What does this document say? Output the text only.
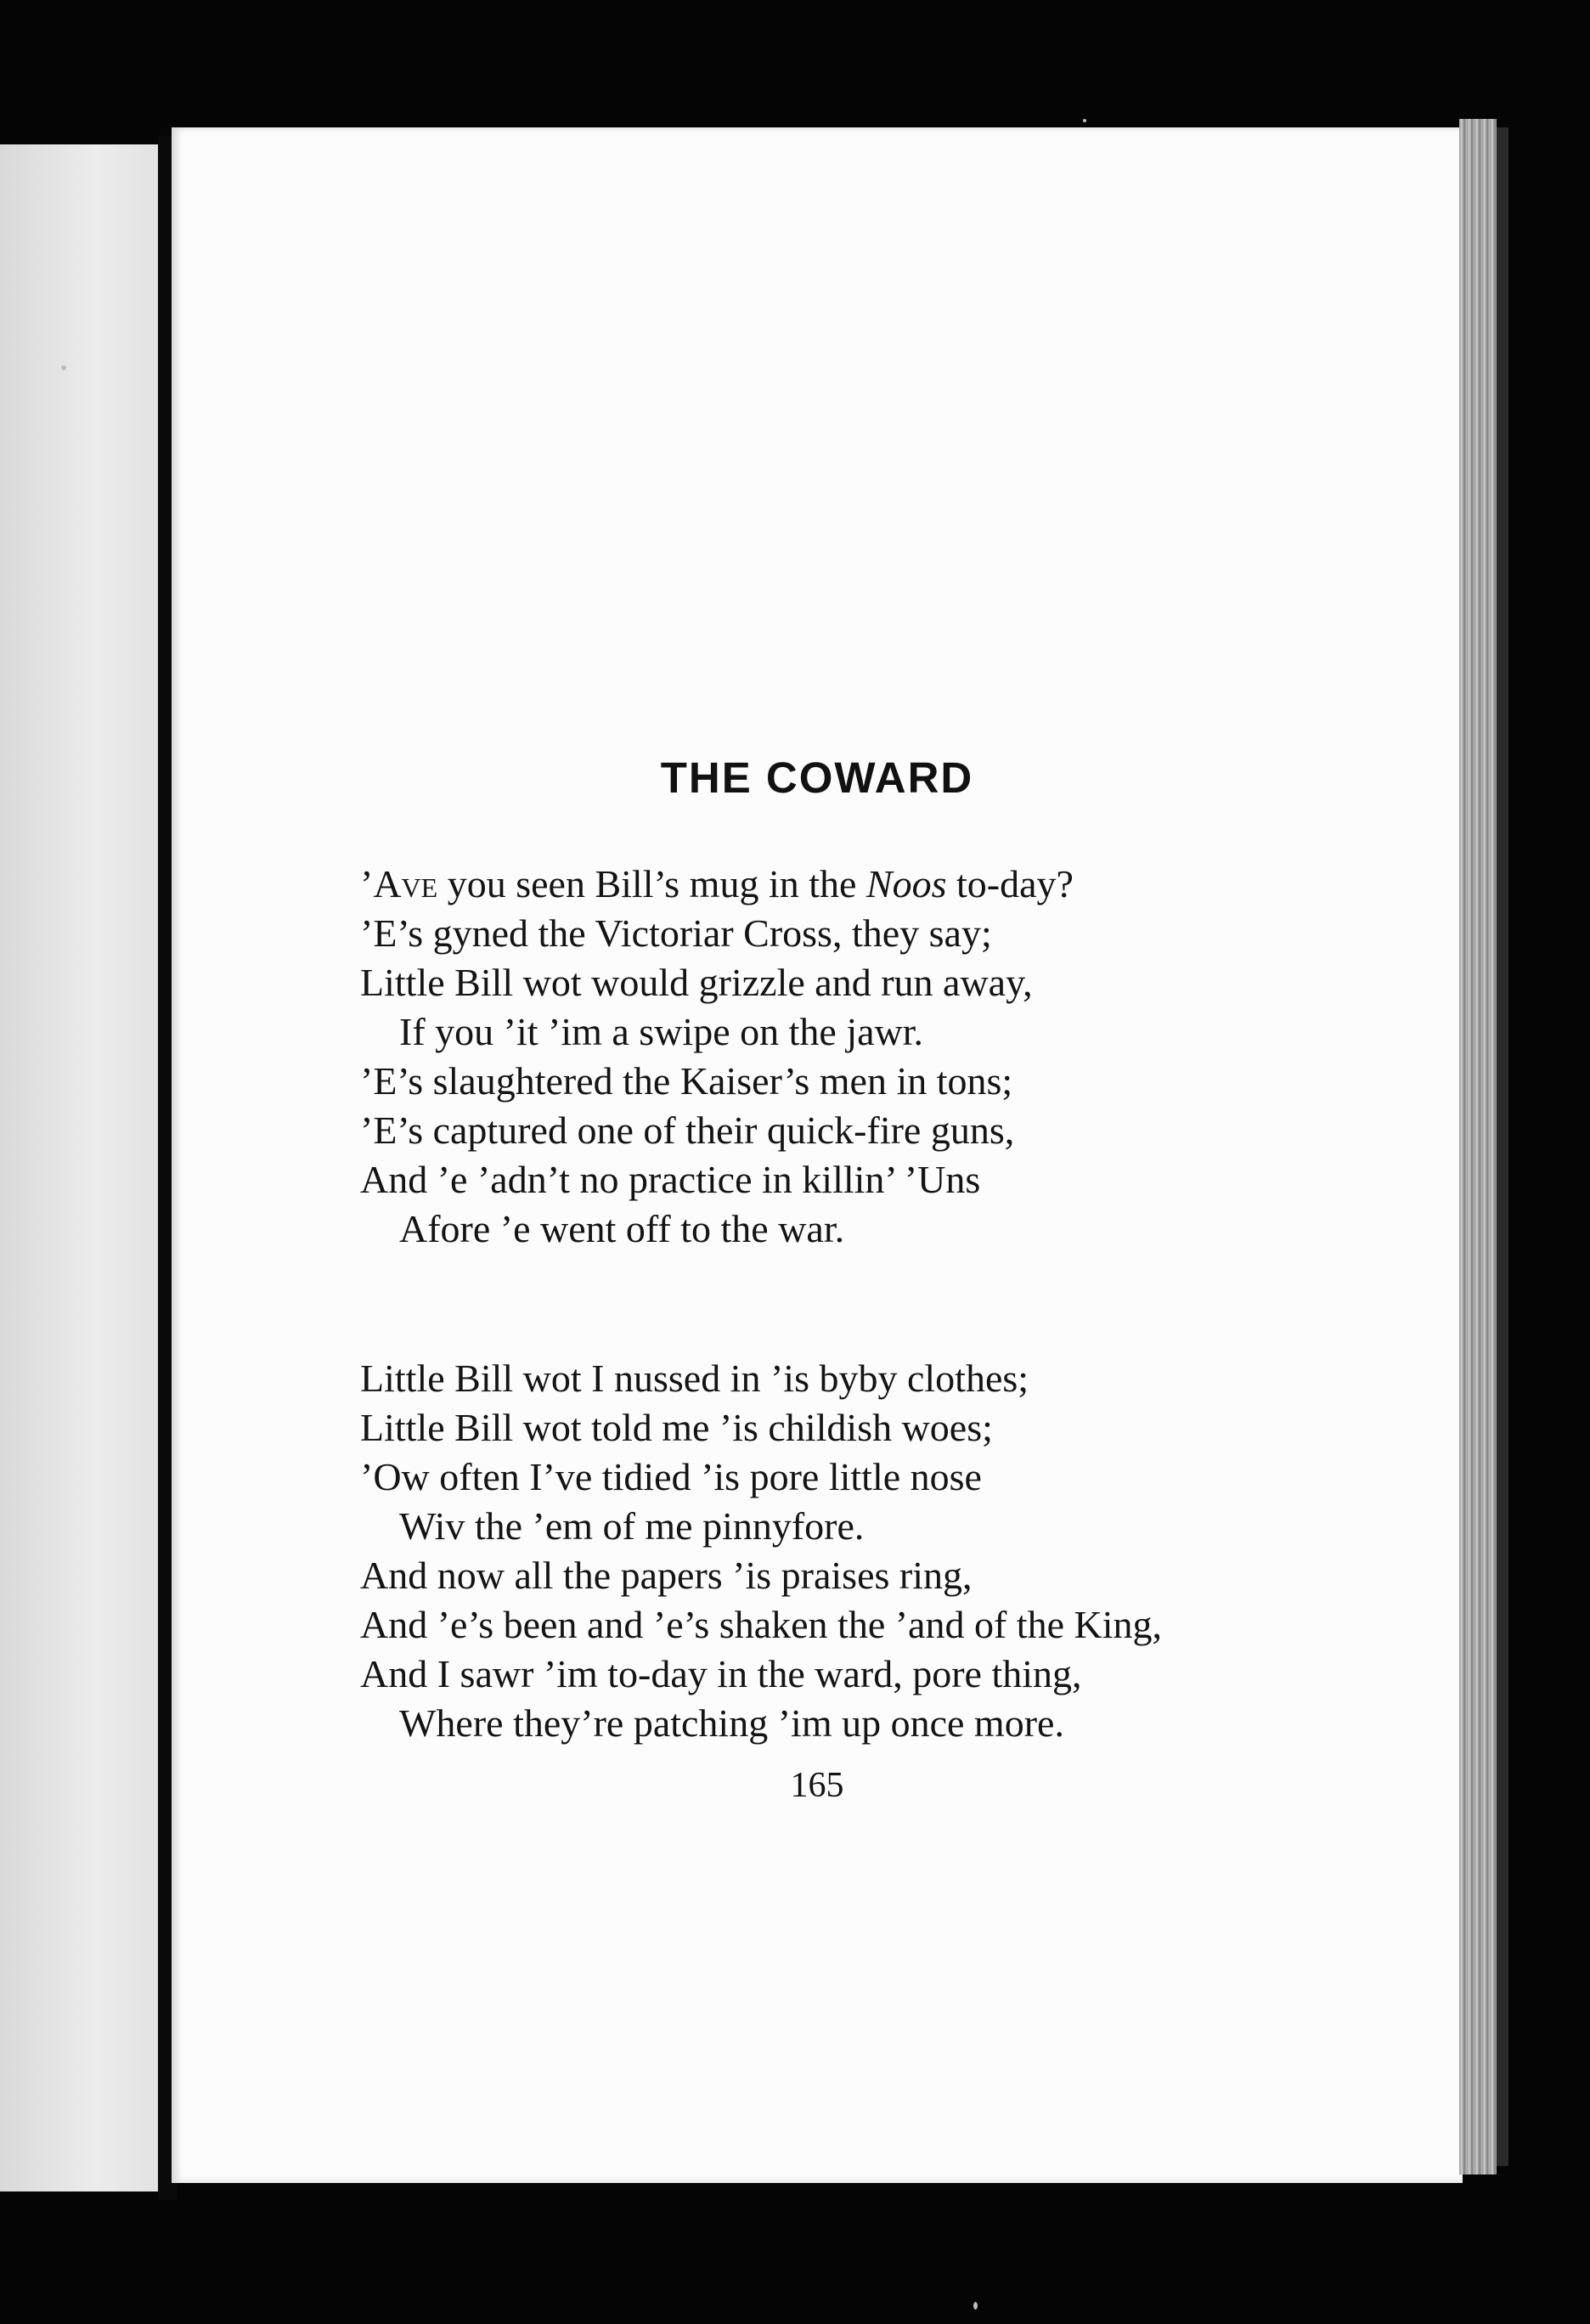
THE COWARD
’Ave you seen Bill’s mug in the Noos to-day?
’E’s gyned the Victoriar Cross, they say;
Little Bill wot would grizzle and run away,
If you ’it ’im a swipe on the jawr.
’E’s slaughtered the Kaiser’s men in tons;
’E’s captured one of their quick-fire guns,
And ’e ’adn’t no practice in killin’ ’Uns
Afore ’e went off to the war.
Little Bill wot I nussed in ’is byby clothes;
Little Bill wot told me ’is childish woes;
’Ow often I’ve tidied ’is pore little nose
Wiv the ’em of me pinnyfore.
And now all the papers ’is praises ring,
And ’e’s been and ’e’s shaken the ’and of the King,
And I sawr ’im to-day in the ward, pore thing,
Where they’re patching ’im up once more.
165
